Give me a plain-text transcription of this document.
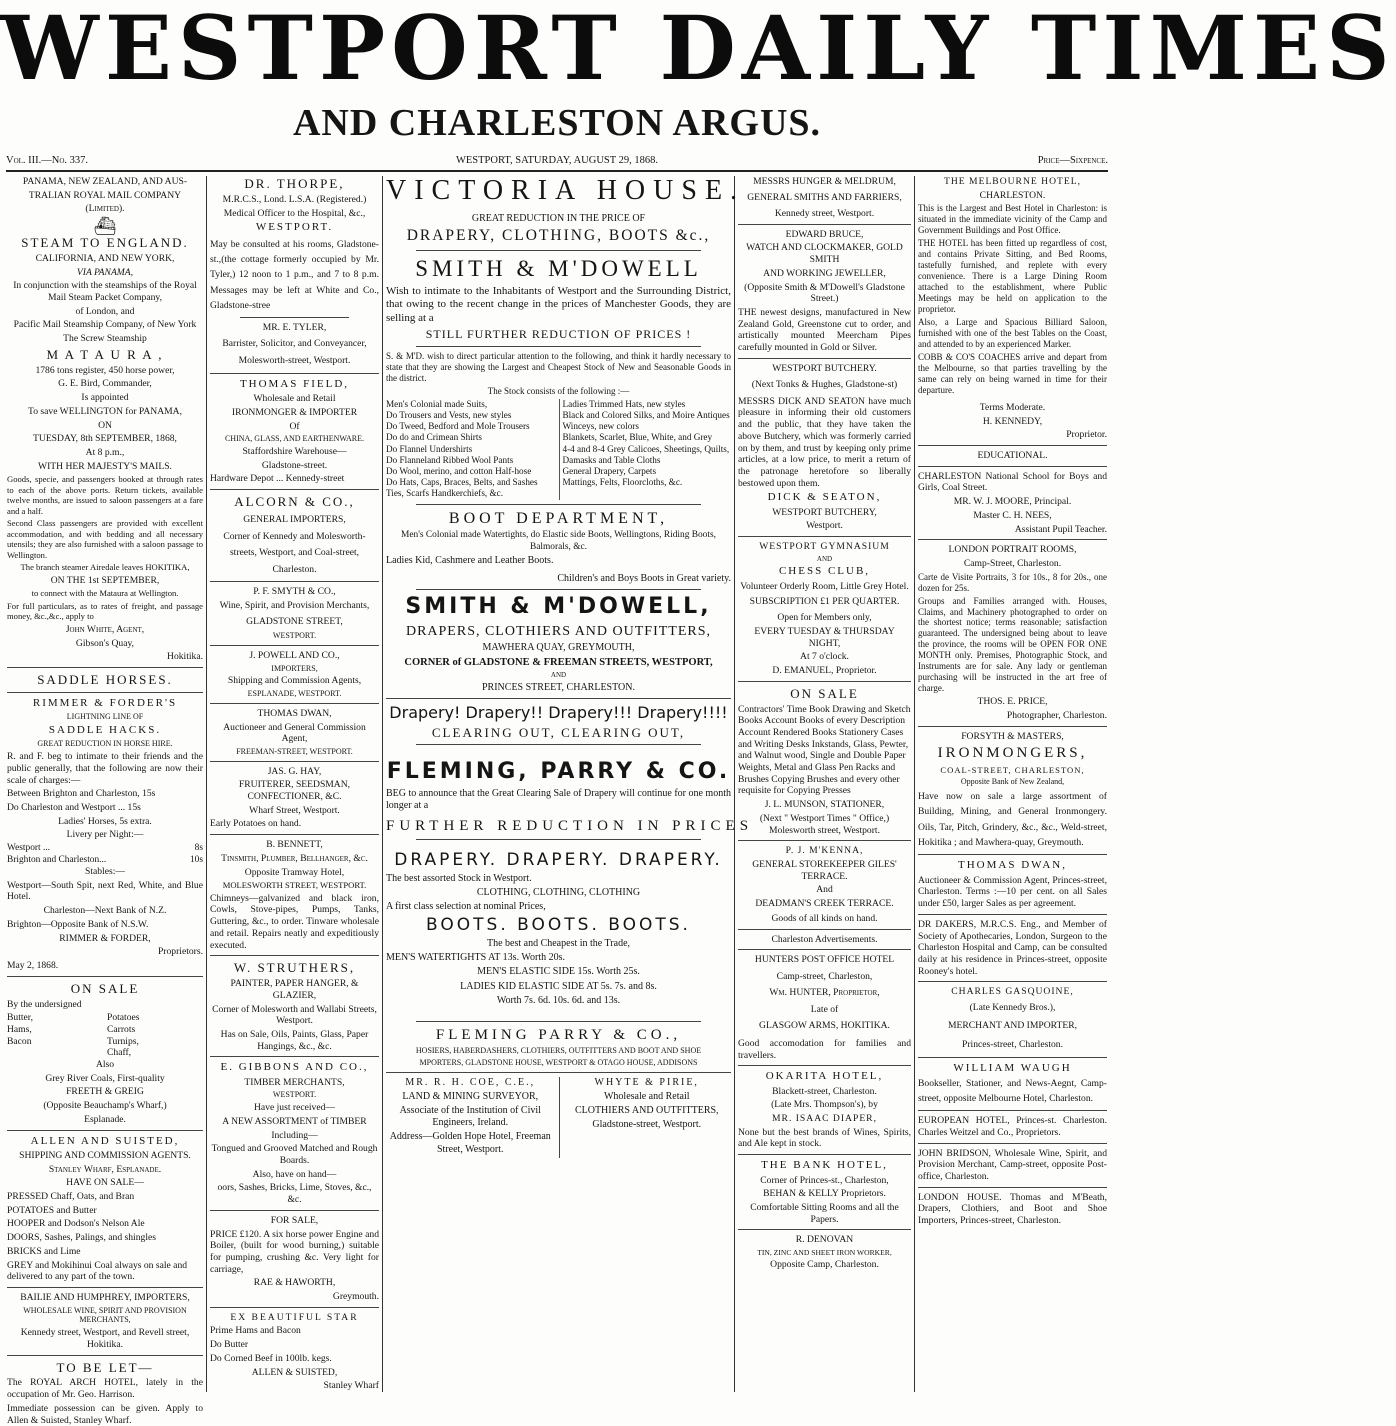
WESTPORT DAILY TIMES
AND CHARLESTON ARGUS.
Vol. III.—No. 337.	WESTPORT, SATURDAY, AUGUST 29, 1868.	Price—Sixpence.

PANAMA, NEW ZEALAND, AND AUS-

TRALIAN ROYAL MAIL COMPANY

(Limited).

⛴

STEAM TO ENGLAND.

CALIFORNIA, AND NEW YORK,

VIA PANAMA,

In conjunction with the steamships of the Royal Mail Steam Packet Company,

of London, and

Pacific Mail Steamship Company, of New York

The Screw Steamship

M A T A U R A ,

1786 tons register, 450 horse power,

G. E. Bird, Commander,

Is appointed

To save WELLINGTON for PANAMA,

ON

TUESDAY, 8th SEPTEMBER, 1868,

At 8 p.m.,

WITH HER MAJESTY'S MAILS.

Goods, specie, and passengers booked at through rates to each of the above ports. Return tickets, available twelve months, are issued to saloon passengers at a fare and a half.

Second Class passengers are provided with excellent accommodation, and with bedding and all necessary utensils; they are also furnished with a saloon passage to Wellington.

The branch steamer Airedale leaves HOKITIKA,

ON THE 1st SEPTEMBER,

to connect with the Mataura at Wellington.

For full particulars, as to rates of freight, and passage money, &c.,&c., apply to

John White, Agent,

Gibson's Quay,

Hokitika.

SADDLE HORSES.

RIMMER & FORDER'S

LIGHTNING LINE OF

SADDLE HACKS.

GREAT REDUCTION IN HORSE HIRE.

R. and F. beg to intimate to their friends and the public generally, that the following are now their scale of charges:—

Between Brighton and Charleston, 15s

Do Charleston and Westport ... 15s

Ladies' Horses, 5s extra.

Livery per Night:—

Westport ...	8s
Brighton and Charleston...	10s

Stables:—

Westport—South Spit, next Red, White, and Blue Hotel.

Charleston—Next Bank of N.Z.

Brighton—Opposite Bank of N.S.W.

RIMMER & FORDER,

Proprietors.

May 2, 1868.

ON SALE

By the undersigned

Butter,
Hams,
Bacon
Potatoes
Carrots
Turnips,
Chaff,

Also

Grey River Coals, First-quality

FREETH & GREIG

(Opposite Beauchamp's Wharf,)

Esplanade.

ALLEN AND SUISTED,

SHIPPING AND COMMISSION AGENTS.

Stanley Wharf, Esplanade.

HAVE ON SALE—

PRESSED Chaff, Oats, and Bran

POTATOES and Butter

HOOPER and Dodson's Nelson Ale

DOORS, Sashes, Palings, and shingles

BRICKS and Lime

GREY and Mokihinui Coal always on sale and delivered to any part of the town.

BAILIE AND HUMPHREY, IMPORTERS,

WHOLESALE WINE, SPIRIT AND PROVISION MERCHANTS,

Kennedy street, Westport, and Revell street, Hokitika.

TO BE LET—

The ROYAL ARCH HOTEL, lately in the occupation of Mr. Geo. Harrison.

Immediate possession can be given. Apply to Allen & Suisted, Stanley Wharf.

DR. THORPE,

M.R.C.S., Lond. L.S.A. (Registered.)

Medical Officer to the Hospital, &c.,

WESTPORT.

May be consulted at his rooms, Gladstone-st.,(the cottage formerly occupied by Mr. Tyler,) 12 noon to 1 p.m., and 7 to 8 p.m. Messages may be left at White and Co., Gladstone-stree

MR. E. TYLER,

Barrister, Solicitor, and Conveyancer,

Molesworth-street, Westport.

THOMAS FIELD,

Wholesale and Retail

IRONMONGER & IMPORTER

Of

CHINA, GLASS, AND EARTHENWARE.

Staffordshire Warehouse—

Gladstone-street.

Hardware Depot ... Kennedy-street

ALCORN & CO.,

GENERAL IMPORTERS,

Corner of Kennedy and Molesworth-streets, Westport, and Coal-street,

Charleston.

P. F. SMYTH & CO.,

Wine, Spirit, and Provision Merchants,

GLADSTONE STREET,

WESTPORT.

J. POWELL AND CO.,

IMPORTERS,

Shipping and Commission Agents,

ESPLANADE, WESTPORT.

THOMAS DWAN,

Auctioneer and General Commission Agent,

FREEMAN-STREET, WESTPORT.

JAS. G. HAY,

FRUITERER, SEEDSMAN, CONFECTIONER, &C.

Wharf Street, Westport.

Early Potatoes on hand.

B. BENNETT,

Tinsmith, Plumber, Bellhanger, &c.

Opposite Tramway Hotel,

MOLESWORTH STREET, WESTPORT.

Chimneys—galvanized and black iron, Cowls, Stove-pipes, Pumps, Tanks, Guttering, &c., to order. Tinware wholesale and retail. Repairs neatly and expeditiously executed.

W. STRUTHERS,

PAINTER, PAPER HANGER, & GLAZIER,

Corner of Molesworth and Wallabi Streets, Westport.

Has on Sale, Oils, Paints, Glass, Paper Hangings, &c., &c.

E. GIBBONS AND CO.,

TIMBER MERCHANTS,

WESTPORT.

Have just received—

A NEW ASSORTMENT of TIMBER

Including—

Tongued and Grooved Matched and Rough Boards.

Also, have on hand—

oors, Sashes, Bricks, Lime, Stoves, &c., &c.

FOR SALE,

PRICE £120. A six horse power Engine and Boiler, (built for wood burning,) suitable for pumping, crushing &c. Very light for carriage,

RAE & HAWORTH,

Greymouth.

EX BEAUTIFUL STAR

Prime Hams and Bacon

Do Butter

Do Corned Beef in 100lb. kegs.

ALLEN & SUISTED,

Stanley Wharf

VICTORIA HOUSE.

GREAT REDUCTION IN THE PRICE OF

DRAPERY, CLOTHING, BOOTS &c.,

SMITH & M'DOWELL

Wish to intimate to the Inhabitants of Westport and the Surrounding District, that owing to the recent change in the prices of Manchester Goods, they are selling at a

STILL FURTHER REDUCTION OF PRICES !

S. & M'D. wish to direct particular attention to the following, and think it hardly necessary to state that they are showing the Largest and Cheapest Stock of New and Seasonable Goods in the district.

The Stock consists of the following :—

Men's Colonial made Suits,
Do Trousers and Vests, new styles
Do Tweed, Bedford and Mole Trousers
Do do and Crimean Shirts
Do Flannel Undershirts
Do Flanneland Ribbed Wool Pants
Do Wool, merino, and cotton Half-hose
Do Hats, Caps, Braces, Belts, and Sashes
Ties, Scarfs Handkerchiefs, &c.
Ladies Trimmed Hats, new styles
Black and Colored Silks, and Moire Antiques
Winceys, new colors
Blankets, Scarlet, Blue, White, and Grey
4-4 and 8-4 Grey Calicoes, Sheetings, Quilts, Damasks and Table Cloths
General Drapery, Carpets
Mattings, Felts, Floorcloths, &c.

BOOT DEPARTMENT,

Men's Colonial made Watertights, do Elastic side Boots, Wellingtons, Riding Boots, Balmorals, &c.

Ladies Kid, Cashmere and Leather Boots.

Children's and Boys Boots in Great variety.

SMITH & M'DOWELL,

DRAPERS, CLOTHIERS AND OUTFITTERS,

MAWHERA QUAY, GREYMOUTH,

CORNER of GLADSTONE & FREEMAN STREETS, WESTPORT,

AND

PRINCES STREET, CHARLESTON.

Drapery! Drapery!! Drapery!!! Drapery!!!!

CLEARING OUT, CLEARING OUT,

FLEMING, PARRY & CO.

BEG to announce that the Great Clearing Sale of Drapery will continue for one month longer at a

FURTHER REDUCTION IN PRICES

DRAPERY. DRAPERY. DRAPERY.

The best assorted Stock in Westport.

CLOTHING, CLOTHING, CLOTHING

A first class selection at nominal Prices,

BOOTS. BOOTS. BOOTS.

The best and Cheapest in the Trade,

MEN'S WATERTIGHTS AT 13s. Worth 20s.

MEN'S ELASTIC SIDE 15s. Worth 25s.

LADIES KID ELASTIC SIDE AT 5s. 7s. and 8s.

Worth 7s. 6d. 10s. 6d. and 13s.

FLEMING PARRY & CO.,

HOSIERS, HABERDASHERS, CLOTHIERS, OUTFITTERS AND BOOT AND SHOE

MPORTERS, GLADSTONE HOUSE, WESTPORT & OTAGO HOUSE, ADDISONS

MR. R. H. COE, C.E.,

LAND & MINING SURVEYOR,

Associate of the Institution of Civil Engineers, Ireland.

Address—Golden Hope Hotel, Freeman Street, Westport.

WHYTE & PIRIE,

Wholesale and Retail

CLOTHIERS AND OUTFITTERS,

Gladstone-street, Westport.

MESSRS HUNGER & MELDRUM,

GENERAL SMITHS AND FARRIERS,

Kennedy street, Westport.

EDWARD BRUCE,

WATCH AND CLOCKMAKER, GOLD SMITH

AND WORKING JEWELLER,

(Opposite Smith & M'Dowell's Gladstone Street.)

THE newest designs, manufactured in New Zealand Gold, Greenstone cut to order, and artistically mounted Meercham Pipes carefully mounted in Gold or Silver.

WESTPORT BUTCHERY.

(Next Tonks & Hughes, Gladstone-st)

MESSRS DICK AND SEATON have much pleasure in informing their old customers and the public, that they have taken the above Butchery, which was formerly carried on by them, and trust by keeping only prime articles, at a low price, to merit a return of the patronage heretofore so liberally bestowed upon them.

DICK & SEATON,

WESTPORT BUTCHERY,

Westport.

WESTPORT GYMNASIUM

AND

CHESS CLUB,

Volunteer Orderly Room, Little Grey Hotel.

SUBSCRIPTION £1 PER QUARTER.

Open for Members only,

EVERY TUESDAY & THURSDAY NIGHT,

At 7 o'clock.

D. EMANUEL, Proprietor.

ON SALE

Contractors' Time Book Drawing and Sketch Books Account Books of every Description Account Rendered Books Stationery Cases and Writing Desks Inkstands, Glass, Pewter, and Walnut wood, Single and Double Paper Weights, Metal and Glass Pen Racks and Brushes Copying Brushes and every other requisite for Copying Presses

J. L. MUNSON, STATIONER,

(Next " Westport Times " Office,) Molesworth street, Westport.

P. J. M'KENNA,

GENERAL STOREKEEPER GILES' TERRACE.

And

DEADMAN'S CREEK TERRACE.

Goods of all kinds on hand.

Charleston Advertisements.

HUNTERS POST OFFICE HOTEL

Camp-street, Charleston,

Wm. HUNTER, Proprietor,

Late of

GLASGOW ARMS, HOKITIKA.

Good accomodation for families and travellers.

OKARITA HOTEL,

Blackett-street, Charleston.

(Late Mrs. Thompson's), by

MR. ISAAC DIAPER,

None but the best brands of Wines, Spirits, and Ale kept in stock.

THE BANK HOTEL,

Corner of Princes-st., Charleston,

BEHAN & KELLY Proprietors.

Comfortable Sitting Rooms and all the Papers.

R. DENOVAN

TIN, ZINC AND SHEET IRON WORKER,

Opposite Camp, Charleston.

THE MELBOURNE HOTEL,

CHARLESTON.

This is the Largest and Best Hotel in Charleston: is situated in the immediate vicinity of the Camp and Government Buildings and Post Office.

THE HOTEL has been fitted up regardless of cost, and contains Private Sitting, and Bed Rooms, tastefully furnished, and replete with every convenience. There is a Large Dining Room attached to the establishment, where Public Meetings may be held on application to the proprietor.

Also, a Large and Spacious Billiard Saloon, furnished with one of the best Tables on the Coast, and attended to by an experienced Marker.

COBB & CO'S COACHES arrive and depart from the Melbourne, so that parties travelling by the same can rely on being warned in time for their departure.

Terms Moderate.

H. KENNEDY,

Proprietor.

EDUCATIONAL.

CHARLESTON National School for Boys and Girls, Coal Street.

MR. W. J. MOORE, Principal.

Master C. H. NEES,

Assistant Pupil Teacher.

LONDON PORTRAIT ROOMS,

Camp-Street, Charleston.

Carte de Visite Portraits, 3 for 10s., 8 for 20s., one dozen for 25s.

Groups and Families arranged with. Houses, Claims, and Machinery photographed to order on the shortest notice; terms reasonable; satisfaction guaranteed. The undersigned being about to leave the province, the rooms will be OPEN FOR ONE MONTH only. Premises, Photographic Stock, and Instruments are for sale. Any lady or gentleman purchasing will be instructed in the art free of charge.

THOS. E. PRICE,

Photographer, Charleston.

FORSYTH & MASTERS,

IRONMONGERS,

COAL-STREET, CHARLESTON,

Opposite Bank of New Zealand,

Have now on sale a large assortment of Building, Mining, and General Ironmongery. Oils, Tar, Pitch, Grindery, &c., &c., Weld-street, Hokitika ; and Mawhera-quay, Greymouth.

THOMAS DWAN,

Auctioneer & Commission Agent, Princes-street, Charleston. Terms :—10 per cent. on all Sales under £50, larger Sales as per agreement.

DR DAKERS, M.R.C.S. Eng., and Member of Society of Apothecaries, London, Surgeon to the Charleston Hospital and Camp, can be consulted daily at his residence in Princes-street, opposite Rooney's hotel.

CHARLES GASQUOINE,

(Late Kennedy Bros.),

MERCHANT AND IMPORTER,

Princes-street, Charleston.

WILLIAM WAUGH

Bookseller, Stationer, and News-Aegnt, Camp-street, opposite Melbourne Hotel, Charleston.

EUROPEAN HOTEL, Princes-st. Charleston. Charles Weitzel and Co., Proprietors.

JOHN BRIDSON, Wholesale Wine, Spirit, and Provision Merchant, Camp-street, opposite Post-office, Charleston.

LONDON HOUSE. Thomas and M'Beath, Drapers, Clothiers, and Boot and Shoe Importers, Princes-street, Charleston.
